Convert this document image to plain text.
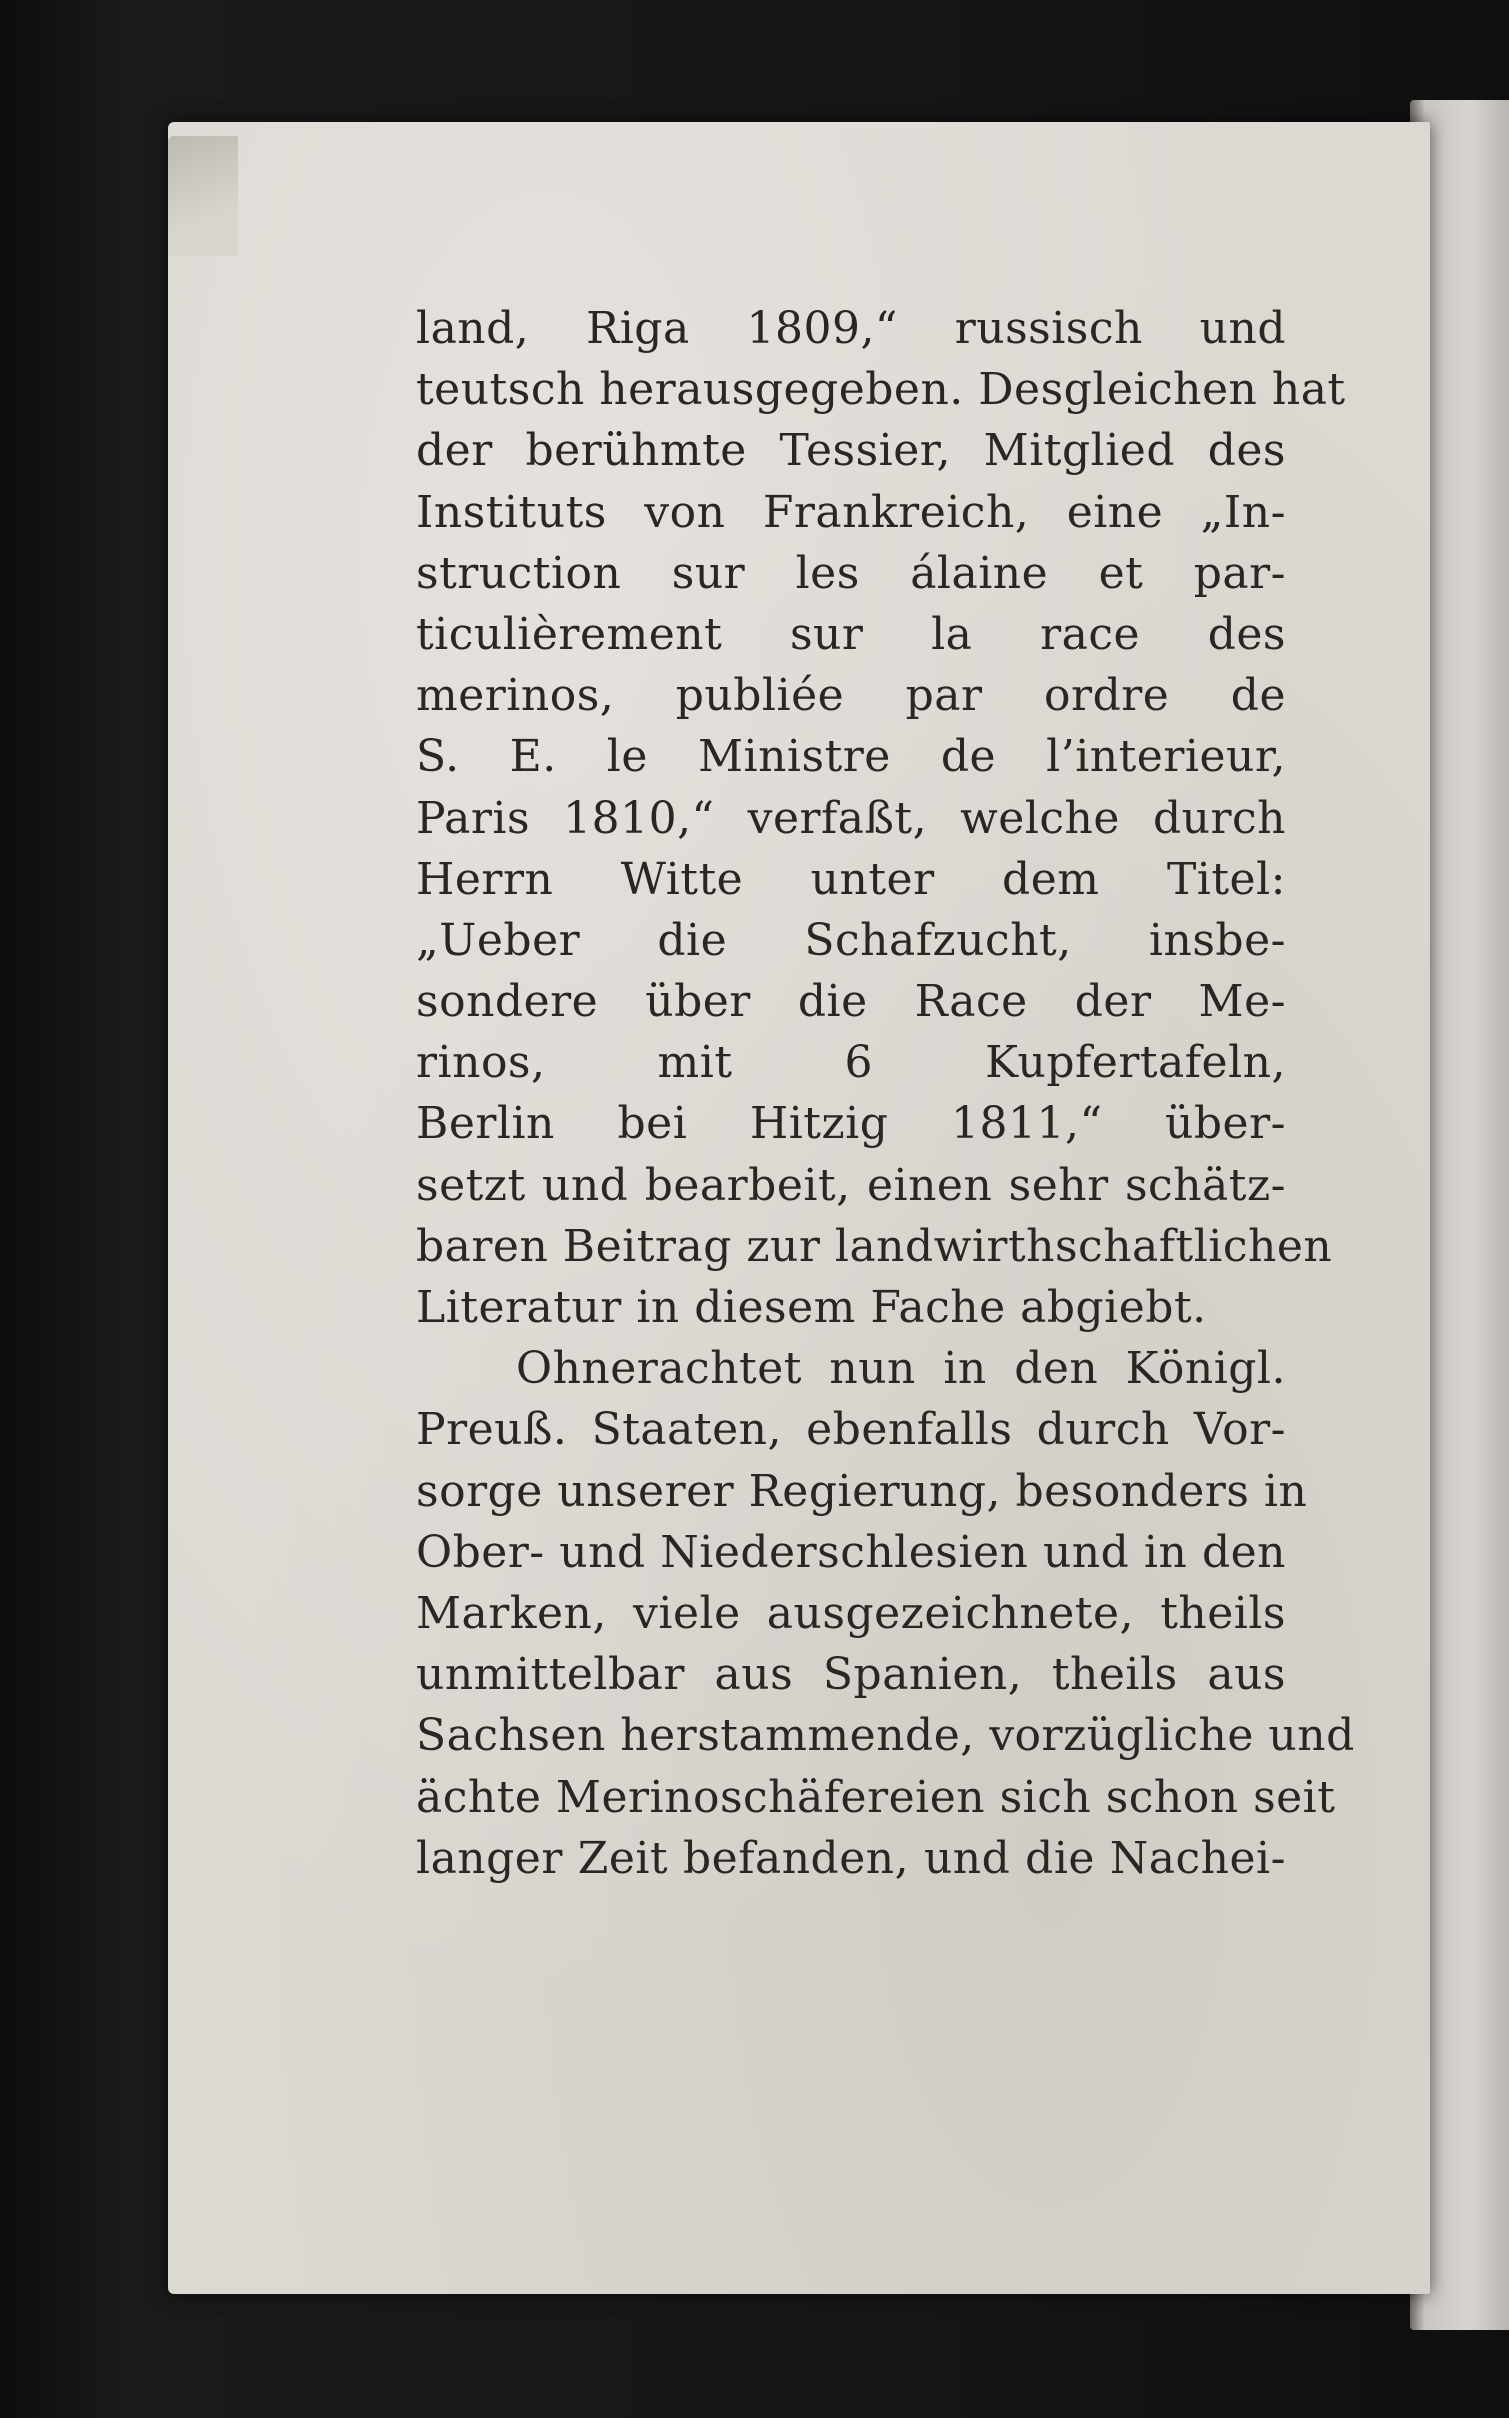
land, Riga 1809,“ russisch und
teutsch herausgegeben. Desgleichen hat
der berühmte Tessier, Mitglied des
Instituts von Frankreich, eine „In-
struction sur les álaine et par-
ticulièrement sur la race des
merinos, publiée par ordre de
S. E. le Ministre de l’interieur,
Paris 1810,“ verfaßt, welche durch
Herrn Witte unter dem Titel:
„Ueber die Schafzucht, insbe-
sondere über die Race der Me-
rinos, mit 6 Kupfertafeln,
Berlin bei Hitzig 1811,“ über-
setzt und bearbeit, einen sehr schätz-
baren Beitrag zur landwirthschaftlichen
Literatur in diesem Fache abgiebt.
Ohnerachtet nun in den Königl.
Preuß. Staaten, ebenfalls durch Vor-
sorge unserer Regierung, besonders in
Ober- und Niederschlesien und in den
Marken, viele ausgezeichnete, theils
unmittelbar aus Spanien, theils aus
Sachsen herstammende, vorzügliche und
ächte Merinoschäfereien sich schon seit
langer Zeit befanden, und die Nachei-
